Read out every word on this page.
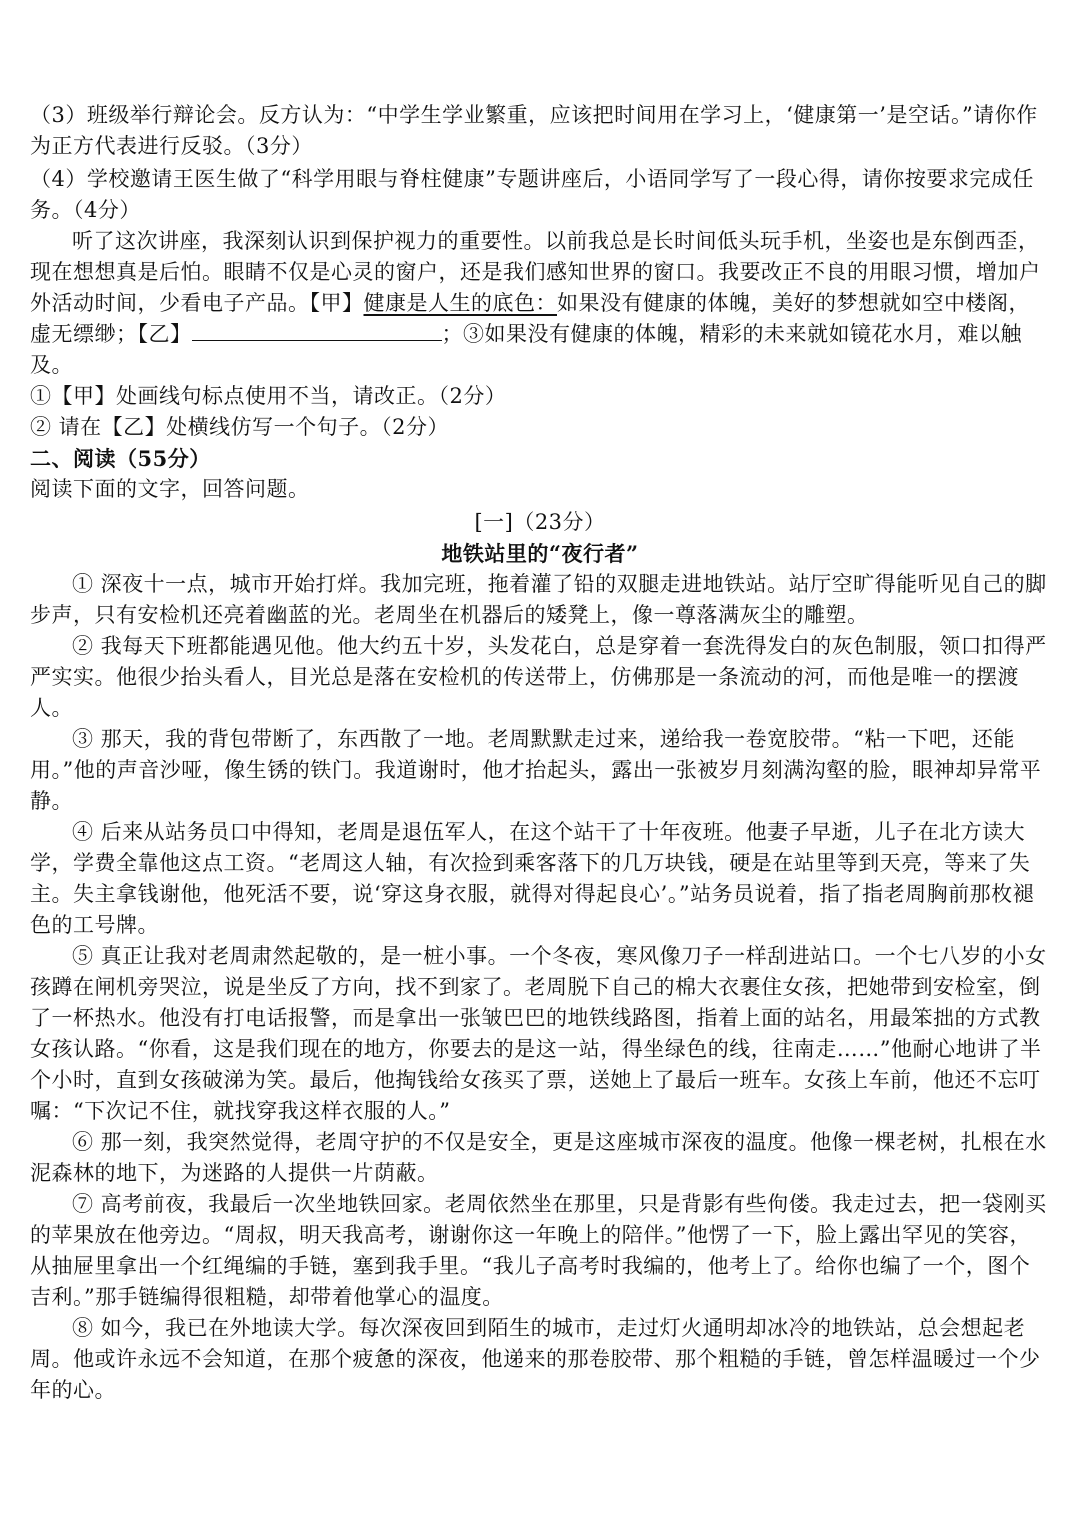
（3）班级举行辩论会。反方认为：“中学生学业繁重，应该把时间用在学习上，‘健康第一’是空话。”请你作为正方代表进行反驳。（3分）

（4）学校邀请王医生做了“科学用眼与脊柱健康”专题讲座后，小语同学写了一段心得，请你按要求完成任务。（4分）

听了这次讲座，我深刻认识到保护视力的重要性。以前我总是长时间低头玩手机，坐姿也是东倒西歪，现在想想真是后怕。眼睛不仅是心灵的窗户，还是我们感知世界的窗口。我要改正不良的用眼习惯，增加户外活动时间，少看电子产品。【甲】健康是人生的底色：如果没有健康的体魄，美好的梦想就如空中楼阁，虚无缥缈；【乙】	；③如果没有健康的体魄，精彩的未来就如镜花水月，难以触及。

①【甲】处画线句标点使用不当，请改正。（2分）

② 请在【乙】处横线仿写一个句子。（2分）

二、阅读（55分）

阅读下面的文字，回答问题。

[一]（23分）

地铁站里的“夜行者”

① 深夜十一点，城市开始打烊。我加完班，拖着灌了铅的双腿走进地铁站。站厅空旷得能听见自己的脚步声，只有安检机还亮着幽蓝的光。老周坐在机器后的矮凳上，像一尊落满灰尘的雕塑。

② 我每天下班都能遇见他。他大约五十岁，头发花白，总是穿着一套洗得发白的灰色制服，领口扣得严严实实。他很少抬头看人，目光总是落在安检机的传送带上，仿佛那是一条流动的河，而他是唯一的摆渡人。

③ 那天，我的背包带断了，东西散了一地。老周默默走过来，递给我一卷宽胶带。“粘一下吧，还能用。”他的声音沙哑，像生锈的铁门。我道谢时，他才抬起头，露出一张被岁月刻满沟壑的脸，眼神却异常平静。

④ 后来从站务员口中得知，老周是退伍军人，在这个站干了十年夜班。他妻子早逝，儿子在北方读大学，学费全靠他这点工资。“老周这人轴，有次捡到乘客落下的几万块钱，硬是在站里等到天亮，等来了失主。失主拿钱谢他，他死活不要，说‘穿这身衣服，就得对得起良心’。”站务员说着，指了指老周胸前那枚褪色的工号牌。

⑤ 真正让我对老周肃然起敬的，是一桩小事。一个冬夜，寒风像刀子一样刮进站口。一个七八岁的小女孩蹲在闸机旁哭泣，说是坐反了方向，找不到家了。老周脱下自己的棉大衣裹住女孩，把她带到安检室，倒了一杯热水。他没有打电话报警，而是拿出一张皱巴巴的地铁线路图，指着上面的站名，用最笨拙的方式教女孩认路。“你看，这是我们现在的地方，你要去的是这一站，得坐绿色的线，往南走……”他耐心地讲了半个小时，直到女孩破涕为笑。最后，他掏钱给女孩买了票，送她上了最后一班车。女孩上车前，他还不忘叮嘱：“下次记不住，就找穿我这样衣服的人。”

⑥ 那一刻，我突然觉得，老周守护的不仅是安全，更是这座城市深夜的温度。他像一棵老树，扎根在水泥森林的地下，为迷路的人提供一片荫蔽。

⑦ 高考前夜，我最后一次坐地铁回家。老周依然坐在那里，只是背影有些佝偻。我走过去，把一袋刚买的苹果放在他旁边。“周叔，明天我高考，谢谢你这一年晚上的陪伴。”他愣了一下，脸上露出罕见的笑容，从抽屉里拿出一个红绳编的手链，塞到我手里。“我儿子高考时我编的，他考上了。给你也编了一个，图个吉利。”那手链编得很粗糙，却带着他掌心的温度。

⑧ 如今，我已在外地读大学。每次深夜回到陌生的城市，走过灯火通明却冰冷的地铁站，总会想起老周。他或许永远不会知道，在那个疲惫的深夜，他递来的那卷胶带、那个粗糙的手链，曾怎样温暖过一个少年的心。
